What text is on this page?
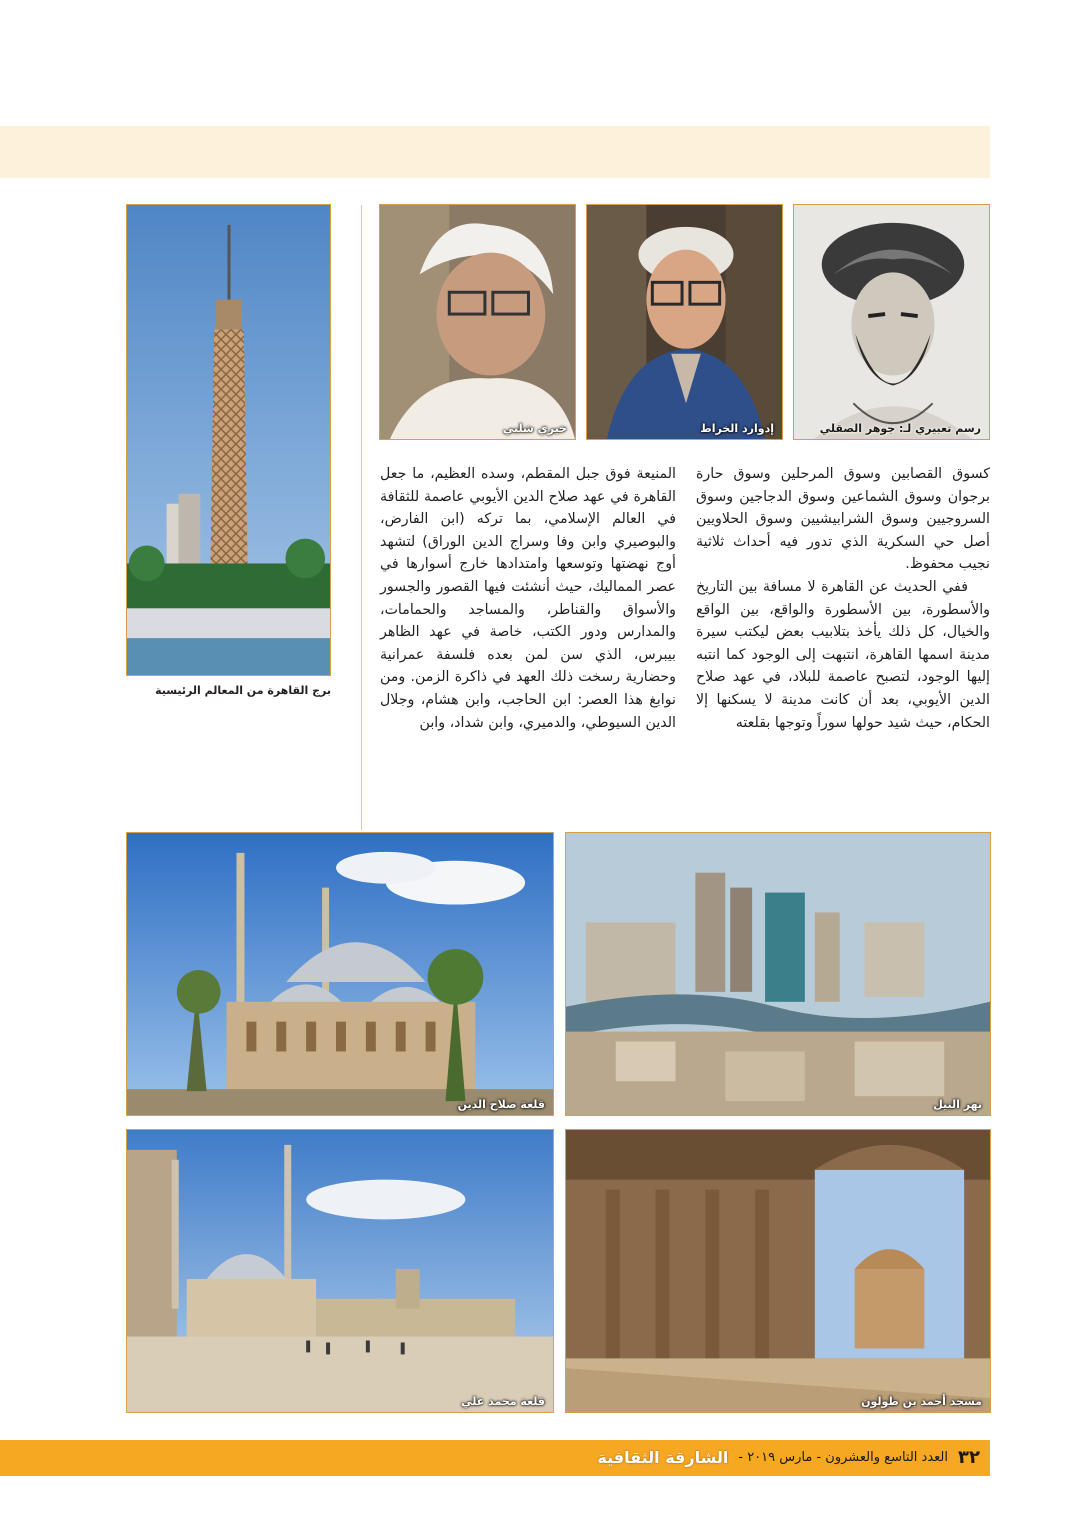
رسم تعبيري لـ: جوهر الصقلي
إدوارد الخراط
خيري شلبي
برج القاهرة من المعالم الرئيسية

كسوق القصابين وسوق المرحلين وسوق حارة برجوان وسوق الشماعين وسوق الدجاجين وسوق السروجيين وسوق الشرابيشيين وسوق الحلاويين أصل حي السكرية الذي تدور فيه أحداث ثلاثية نجيب محفوظ.

ففي الحديث عن القاهرة لا مسافة بين التاريخ والأسطورة، بين الأسطورة والواقع، بين الواقع والخيال، كل ذلك يأخذ بتلابيب بعض ليكتب سيرة مدينة اسمها القاهرة، انتبهت إلى الوجود كما انتبه إليها الوجود، لتصبح عاصمة للبلاد، في عهد صلاح الدين الأيوبي، بعد أن كانت مدينة لا يسكنها إلا الحكام، حيث شيد حولها سوراً وتوجها بقلعته

المنيعة فوق جبل المقطم، وسده العظيم، ما جعل القاهرة في عهد صلاح الدين الأيوبي عاصمة للثقافة في العالم الإسلامي، بما تركه (ابن الفارض، والبوصيري وابن وفا وسراج الدين الوراق) لتشهد أوج نهضتها وتوسعها وامتدادها خارج أسوارها في عصر المماليك، حيث أنشئت فيها القصور والجسور والأسواق والقناطر، والمساجد والحمامات، والمدارس ودور الكتب، خاصة في عهد الظاهر بيبرس، الذي سن لمن بعده فلسفة عمرانية وحضارية رسخت ذلك العهد في ذاكرة الزمن. ومن نوابغ هذا العصر: ابن الحاجب، وابن هشام، وجلال الدين السيوطي، والدميري، وابن شداد، وابن

نهر النيل
قلعة صلاح الدين
مسجد أحمد بن طولون
قلعة محمد علي
٣٢
العدد التاسع والعشرون - مارس ٢٠١٩ -
الشارقة الثقافية
